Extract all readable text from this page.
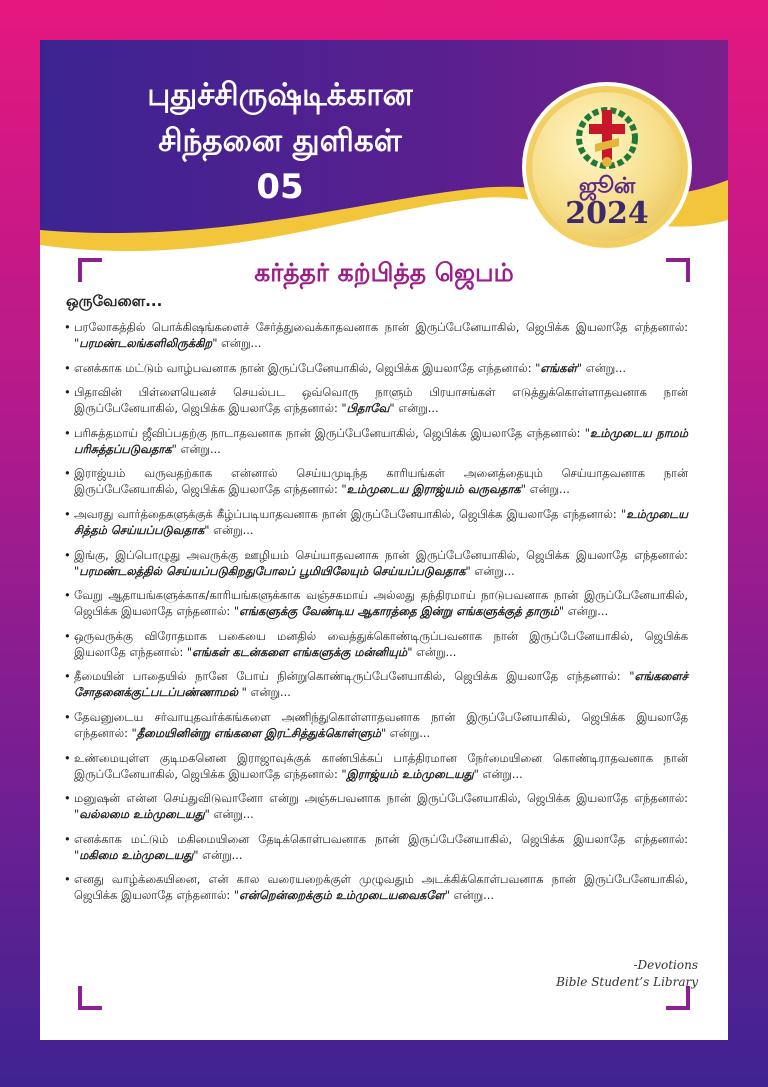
புதுச்சிருஷ்டிக்கான
சிந்தனை துளிகள்
05	ஜூன்
2024
கர்த்தர் கற்பித்த ஜெபம்
ஒருவேளை...
• பரலோகத்தில் பொக்கிஷங்களைச் சேர்த்துவைக்காதவனாக நான் இருப்பேனேயாகில், ஜெபிக்க இயலாதே எந்தனால்: "பரமண்டலங்களிலிருக்கிற" என்று...
• எனக்காக மட்டும் வாழ்பவனாக நான் இருப்பேனேயாகில், ஜெபிக்க இயலாதே எந்தனால்: "எங்கள்" என்று...
• பிதாவின் பிள்ளையெனச் செயல்பட ஒவ்வொரு நாளும் பிரயாசங்கள் எடுத்துக்கொள்ளாதவனாக நான் இருப்பேனேயாகில், ஜெபிக்க இயலாதே எந்தனால்: "பிதாவே" என்று...
• பரிசுத்தமாய் ஜீவிப்பதற்கு நாடாதவனாக நான் இருப்பேனேயாகில், ஜெபிக்க இயலாதே எந்தனால்: "உம்முடைய நாமம் பரிசுத்தப்படுவதாக" என்று...
• இராஜ்யம் வருவதற்காக என்னால் செய்யமுடிந்த காரியங்கள் அனைத்தையும் செய்யாதவனாக நான் இருப்பேனேயாகில், ஜெபிக்க இயலாதே எந்தனால்: "உம்முடைய இராஜ்யம் வருவதாக" என்று...
• அவரது வார்த்தைகளுக்குக் கீழ்ப்படியாதவனாக நான் இருப்பேனேயாகில், ஜெபிக்க இயலாதே எந்தனால்: "உம்முடைய சித்தம் செய்யப்படுவதாக" என்று...
• இங்கு, இப்பொழுது அவருக்கு ஊழியம் செய்யாதவனாக நான் இருப்பேனேயாகில், ஜெபிக்க இயலாதே எந்தனால்: "பரமண்டலத்தில் செய்யப்படுகிறதுபோலப் பூமியிலேயும் செய்யப்படுவதாக" என்று...
• வேறு ஆதாயங்களுக்காக/காரியங்களுக்காக வஞ்சகமாய் அல்லது தந்திரமாய் நாடுபவனாக நான் இருப்பேனேயாகில், ஜெபிக்க இயலாதே எந்தனால்: "எங்களுக்கு வேண்டிய ஆகாரத்தை இன்று எங்களுக்குத் தாரும்" என்று...
• ஒருவருக்கு விரோதமாக பகையை மனதில் வைத்துக்கொண்டிருப்பவனாக நான் இருப்பேனேயாகில், ஜெபிக்க இயலாதே எந்தனால்: "எங்கள் கடன்களை எங்களுக்கு மன்னியும்" என்று...
• தீமையின் பாதையில் நானே போய் நின்றுகொண்டிருப்பேனேயாகில், ஜெபிக்க இயலாதே எந்தனால்: "எங்களைச் சோதனைக்குட்படப்பண்ணாமல் " என்று...
• தேவனுடைய சர்வாயுதவர்க்கங்களை அணிந்துகொள்ளாதவனாக நான் இருப்பேனேயாகில், ஜெபிக்க இயலாதே எந்தனால்: "தீமையினின்று எங்களை இரட்சித்துக்கொள்ளும்" என்று...
• உண்மையுள்ள குடிமகனென இராஜாவுக்குக் காண்பிக்கப் பாத்திரமான நேர்மையினை கொண்டிராதவனாக நான் இருப்பேனேயாகில், ஜெபிக்க இயலாதே எந்தனால்: "இராஜ்யம் உம்முடையது" என்று...
• மனுஷன் என்ன செய்துவிடுவானோ என்று அஞ்சுபவனாக நான் இருப்பேனேயாகில், ஜெபிக்க இயலாதே எந்தனால்: "வல்லமை உம்முடையது" என்று...
• எனக்காக மட்டும் மகிமையினை தேடிக்கொள்பவனாக நான் இருப்பேனேயாகில், ஜெபிக்க இயலாதே எந்தனால்: "மகிமை உம்முடையது" என்று...
• எனது வாழ்க்கையினை, என் கால வரையறைக்குள் முழுவதும் அடக்கிக்கொள்பவனாக நான் இருப்பேனேயாகில், ஜெபிக்க இயலாதே எந்தனால்: "என்றென்றைக்கும் உம்முடையவைகளே" என்று...
-Devotions
Bible Student’s Library
